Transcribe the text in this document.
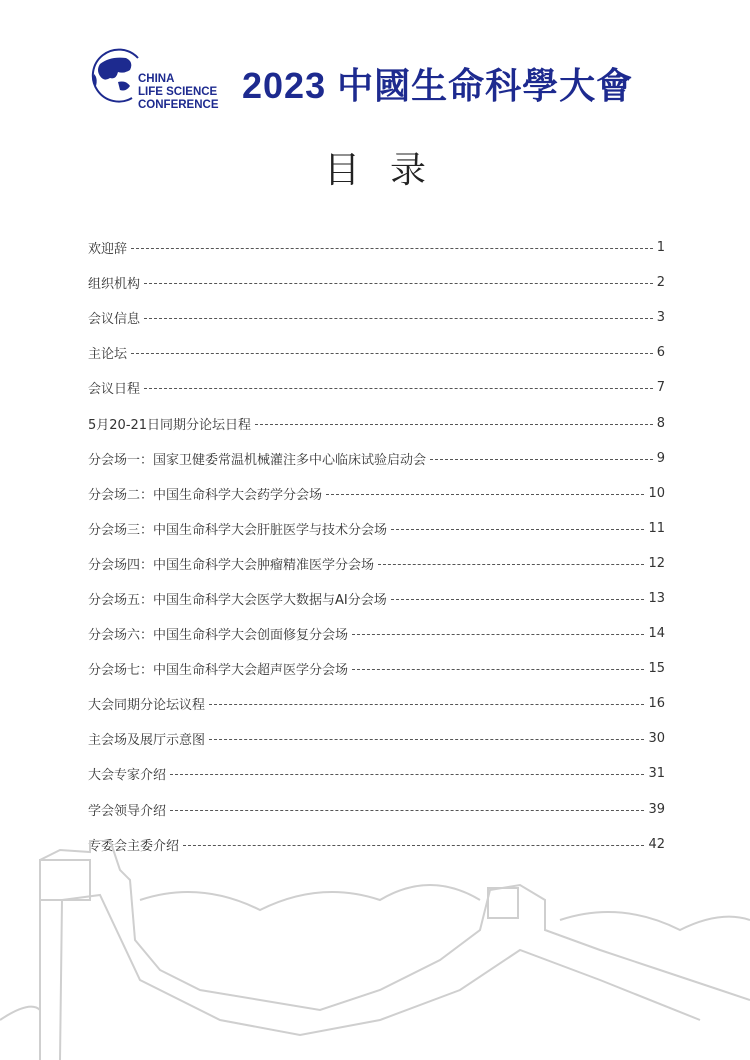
CHINA
LIFE SCIENCE
CONFERENCE 2023 中國生命科學大會
目录
欢迎辞	1
组织机构	2
会议信息	3
主论坛	6
会议日程	7
5月20-21日同期分论坛日程	8
分会场一：国家卫健委常温机械灌注多中心临床试验启动会	9
分会场二：中国生命科学大会药学分会场	10
分会场三：中国生命科学大会肝脏医学与技术分会场	11
分会场四：中国生命科学大会肿瘤精准医学分会场	12
分会场五：中国生命科学大会医学大数据与AI分会场	13
分会场六：中国生命科学大会创面修复分会场	14
分会场七：中国生命科学大会超声医学分会场	15
大会同期分论坛议程	16
主会场及展厅示意图	30
大会专家介绍	31
学会领导介绍	39
专委会主委介绍	42
